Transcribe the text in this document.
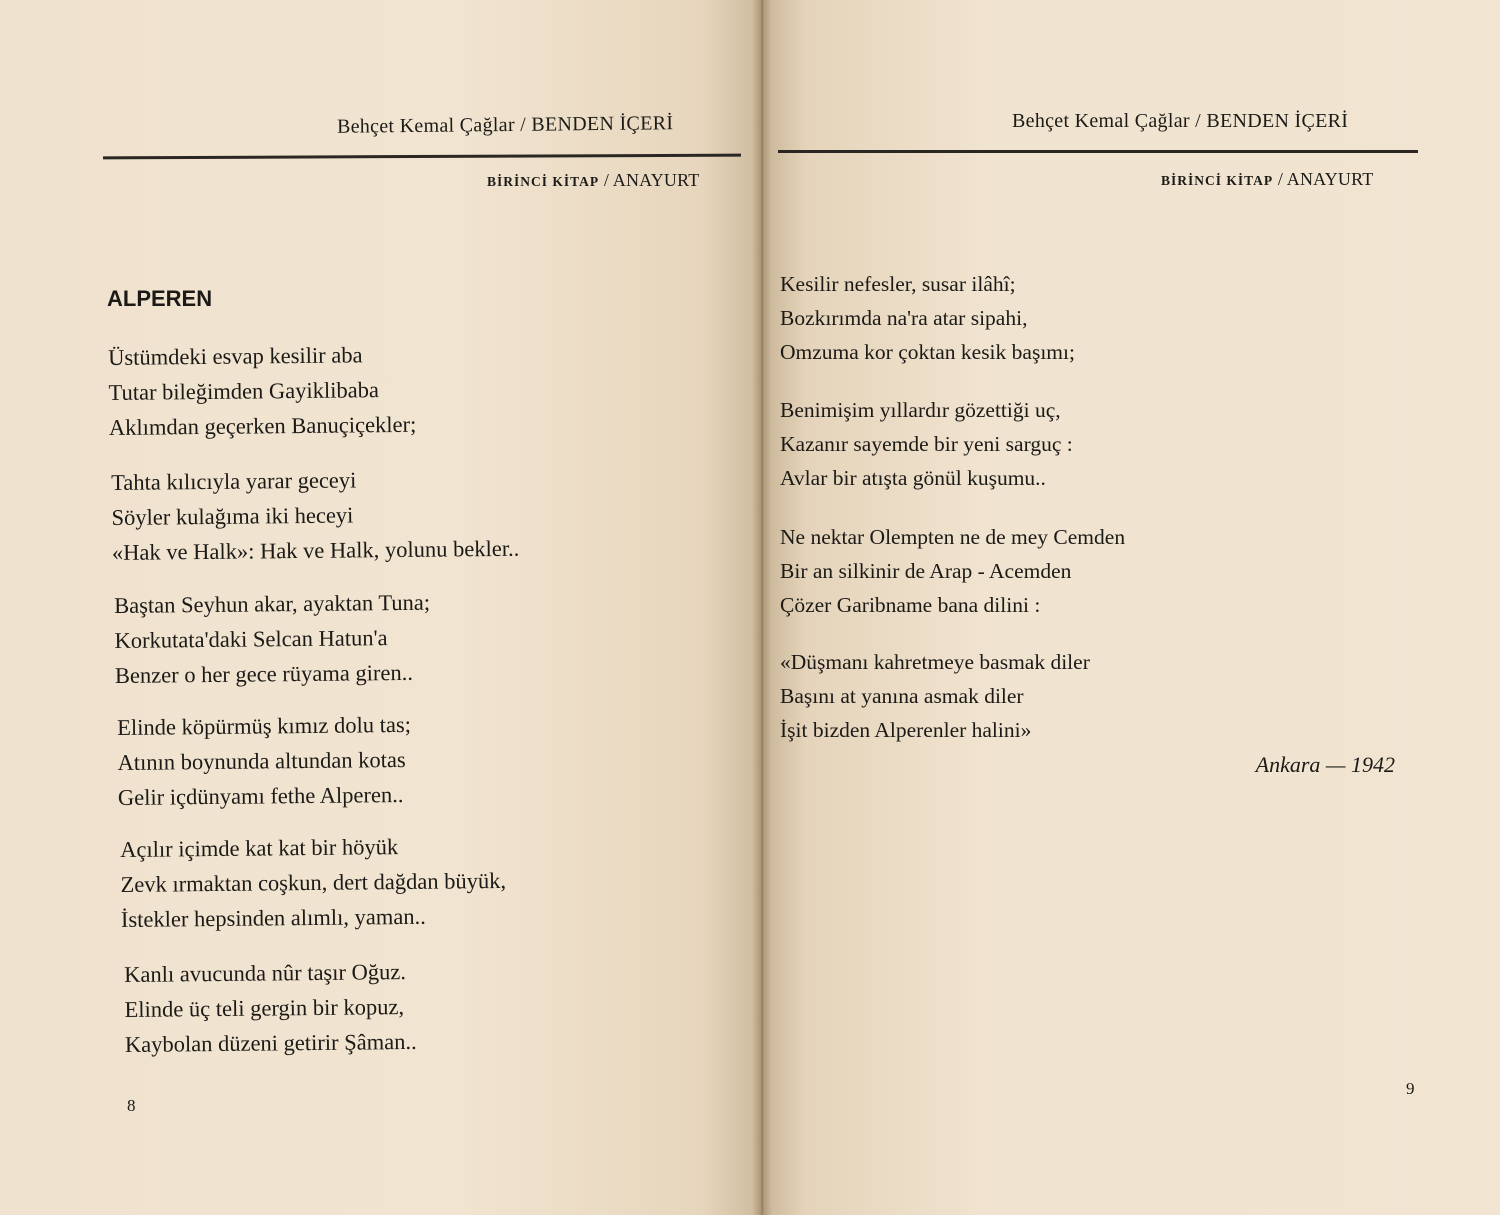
Behçet Kemal Çağlar / BENDEN İÇERİ
BİRİNCİ KİTAP / ANAYURT
ALPEREN
Üstümdeki esvap kesilir aba
Tutar bileğimden Gayiklibaba
Aklımdan geçerken Banuçiçekler;
Tahta kılıcıyla yarar geceyi
Söyler kulağıma iki heceyi
«Hak ve Halk»: Hak ve Halk, yolunu bekler..
Baştan Seyhun akar, ayaktan Tuna;
Korkutata'daki Selcan Hatun'a
Benzer o her gece rüyama giren..
Elinde köpürmüş kımız dolu tas;
Atının boynunda altundan kotas
Gelir içdünyamı fethe Alperen..
Açılır içimde kat kat bir höyük
Zevk ırmaktan coşkun, dert dağdan büyük,
İstekler hepsinden alımlı, yaman..
Kanlı avucunda nûr taşır Oğuz.
Elinde üç teli gergin bir kopuz,
Kaybolan düzeni getirir Şâman..
8
Behçet Kemal Çağlar / BENDEN İÇERİ
BİRİNCİ KİTAP / ANAYURT
Kesilir nefesler, susar ilâhî;
Bozkırımda na'ra atar sipahi,
Omzuma kor çoktan kesik başımı;
Benimişim yıllardır gözettiği uç,
Kazanır sayemde bir yeni sarguç :
Avlar bir atışta gönül kuşumu..
Ne nektar Olempten ne de mey Cemden
Bir an silkinir de Arap - Acemden
Çözer Garibname bana dilini :
«Düşmanı kahretmeye basmak diler
Başını at yanına asmak diler
İşit bizden Alperenler halini»
Ankara — 1942
9
